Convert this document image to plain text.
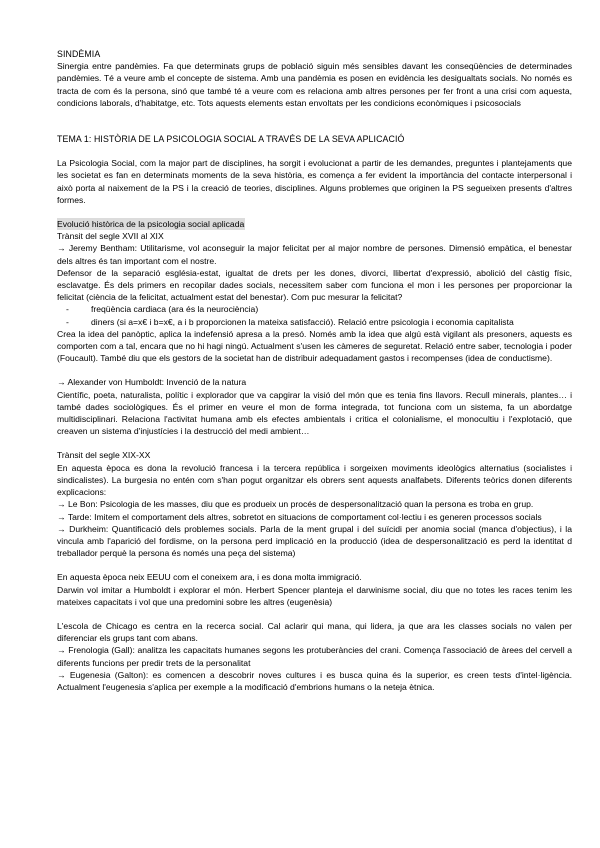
SINDÈMIA

Sinergia entre pandèmies. Fa que determinats grups de població siguin més sensibles davant les conseqüències de determinades pandèmies. Té a veure amb el concepte de sistema. Amb una pandèmia es posen en evidència les desigualtats socials. No només es tracta de com és la persona, sinó que també té a veure com es relaciona amb altres persones per fer front a una crisi com aquesta, condicions laborals, d'habitatge, etc. Tots aquests elements estan envoltats per les condicions econòmiques i psicosocials

TEMA 1: HISTÒRIA DE LA PSICOLOGIA SOCIAL A TRAVÉS DE LA SEVA APLICACIÓ

La Psicologia Social, com la major part de disciplines, ha sorgit i evolucionat a partir de les demandes, preguntes i plantejaments que les societat es fan en determinats moments de la seva història, es comença a fer evident la importància del contacte interpersonal i això porta al naixement de la PS i la creació de teories, disciplines. Alguns problemes que originen la PS segueixen presents d'altres formes.

Evolució històrica de la psicologia social aplicada

Trànsit del segle XVII al XIX

→ Jeremy Bentham: Utilitarisme, vol aconseguir la major felicitat per al major nombre de persones. Dimensió empàtica, el benestar dels altres és tan important com el nostre.

Defensor de la separació església-estat, igualtat de drets per les dones, divorci, llibertat d'expressió, abolició del càstig físic, esclavatge. És dels primers en recopilar dades socials, necessitem saber com funciona el mon i les persones per proporcionar la felicitat (ciència de la felicitat, actualment estat del benestar). Com puc mesurar la felicitat?

-	freqüència cardiaca (ara és la neurociència)

-	diners (si a=x€ i b=x€, a i b proporcionen la mateixa satisfacció). Relació entre psicologia i economia capitalista

Crea la idea del panòptic, aplica la indefensió apresa a la presó. Només amb la idea que algú està vigilant als presoners, aquests es comporten com a tal, encara que no hi hagi ningú. Actualment s'usen les càmeres de seguretat. Relació entre saber, tecnologia i poder (Foucault). També diu que els gestors de la societat han de distribuir adequadament gastos i recompenses (idea de conductisme).

→ Alexander von Humboldt: Invenció de la natura

Científic, poeta, naturalista, polític i explorador que va capgirar la visió del món que es tenia fins llavors. Recull minerals, plantes… i també dades sociològiques. És el primer en veure el mon de forma integrada, tot funciona com un sistema, fa un abordatge multidisciplinari. Relaciona l'activitat humana amb els efectes ambientals i critica el colonialisme, el monocultiu i l'explotació, que creaven un sistema d'injustícies i la destrucció del medi ambient…

Trànsit del segle XIX-XX

En aquesta època es dona la revolució francesa i la tercera república i sorgeixen moviments ideològics alternatius (socialistes i sindicalistes). La burgesia no entén com s'han pogut organitzar els obrers sent aquests analfabets. Diferents teòrics donen diferents explicacions:

→ Le Bon: Psicologia de les masses, diu que es produeix un procés de despersonalització quan la persona es troba en grup.

→ Tarde: Imitem el comportament dels altres, sobretot en situacions de comportament col·lectiu i es generen processos socials

→ Durkheim: Quantificació dels problemes socials. Parla de la ment grupal i del suïcidi per anomia social (manca d'objectius), i la vincula amb l'aparició del fordisme, on la persona perd implicació en la producció (idea de despersonalització es perd la identitat d treballador perquè la persona és només una peça del sistema)

En aquesta època neix EEUU com el coneixem ara, i es dona molta immigració.

Darwin vol imitar a Humboldt i explorar el món. Herbert Spencer planteja el darwinisme social, diu que no totes les races tenim les mateixes capacitats i vol que una predomini sobre les altres (eugenèsia)

L'escola de Chicago es centra en la recerca social. Cal aclarir qui mana, qui lidera, ja que ara les classes socials no valen per diferenciar els grups tant com abans.

→ Frenologia (Gall): analitza les capacitats humanes segons les protuberàncies del crani. Comença l'associació de àrees del cervell a diferents funcions per predir trets de la personalitat

→ Eugenesia (Galton): es comencen a descobrir noves cultures i es busca quina és la superior, es creen tests d'intel·ligència. Actualment l'eugenesia s'aplica per exemple a la modificació d'embrions humans o la neteja ètnica.
